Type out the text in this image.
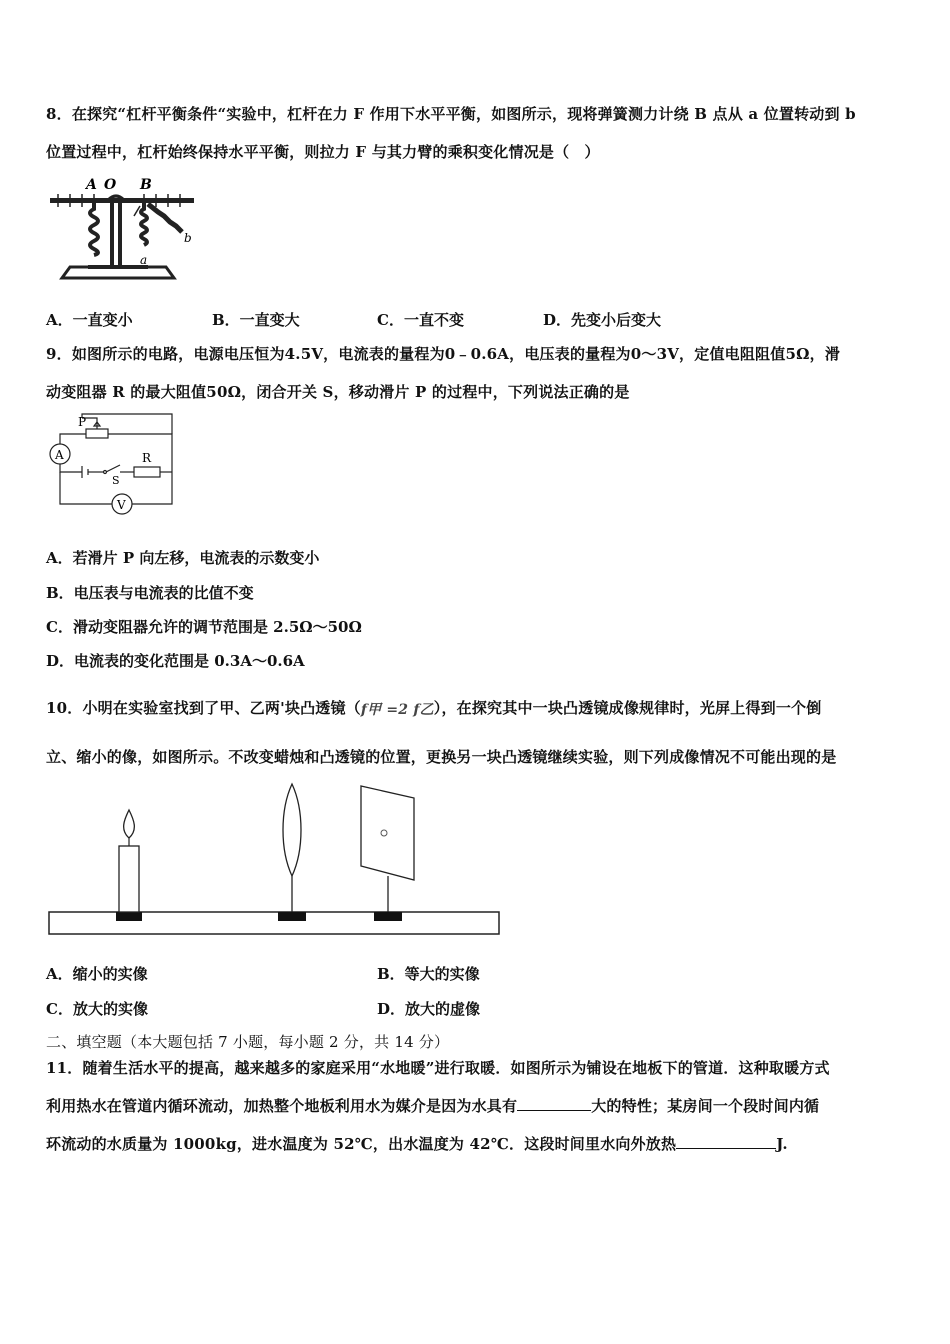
8．在探究“杠杆平衡条件“实验中，杠杆在力 F 作用下水平平衡，如图所示，现将弹簧测力计绕 B 点从 a 位置转动到 b
位置过程中，杠杆始终保持水平平衡，则拉力 F 与其力臂的乘积变化情况是（　）
A O B
a
b
A．一直变小	B．一直变大	C．一直不变	D．先变小后变大
9．如图所示的电路，电源电压恒为4.5V，电流表的量程为0﹣0.6A，电压表的量程为0～3V，定值电阻阻值5Ω，滑
动变阻器 R 的最大阻值50Ω，闭合开关 S，移动滑片 P 的过程中，下列说法正确的是
P
A	R
S
V
A．若滑片 P 向左移，电流表的示数变小
B．电压表与电流表的比值不变
C．滑动变阻器允许的调节范围是 2.5Ω～50Ω
D．电流表的变化范围是 0.3A～0.6A
10．小明在实验室找到了甲、乙两'块凸透镜（f甲 =2 f乙），在探究其中一块凸透镜成像规律时，光屏上得到一个倒
立、缩小的像，如图所示。不改变蜡烛和凸透镜的位置，更换另一块凸透镜继续实验，则下列成像情况不可能出现的是
A．缩小的实像	B．等大的实像
C．放大的实像	D．放大的虚像
二、填空题（本大题包括 7 小题，每小题 2 分，共 14 分）
11．随着生活水平的提高，越来越多的家庭采用“水地暖”进行取暖．如图所示为铺设在地板下的管道．这种取暖方式
利用热水在管道内循环流动，加热整个地板利用水为媒介是因为水具有	大的特性；某房间一个段时间内循
环流动的水质量为 1000kg，进水温度为 52℃，出水温度为 42℃．这段时间里水向外放热	J.
